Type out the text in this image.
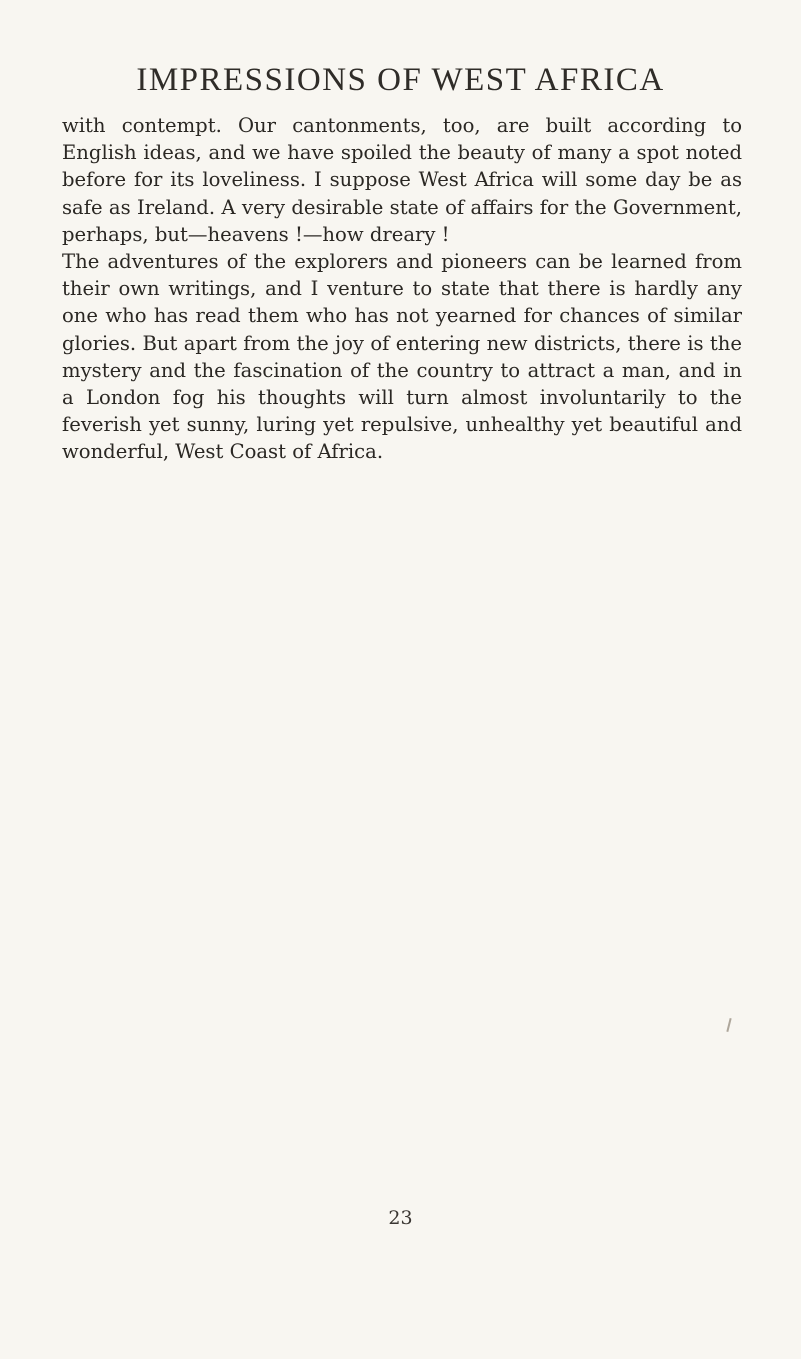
IMPRESSIONS OF WEST AFRICA

with contempt. Our cantonments, too, are built according to English ideas, and we have spoiled the beauty of many a spot noted before for its loveliness. I suppose West Africa will some day be as safe as Ireland. A very desirable state of affairs for the Government, perhaps, but—heavens !—how dreary !

The adventures of the explorers and pioneers can be learned from their own writings, and I venture to state that there is hardly any one who has read them who has not yearned for chances of similar glories. But apart from the joy of entering new districts, there is the mystery and the fascination of the country to attract a man, and in a London fog his thoughts will turn almost involuntarily to the feverish yet sunny, luring yet repulsive, unhealthy yet beautiful and wonderful, West Coast of Africa.

23
